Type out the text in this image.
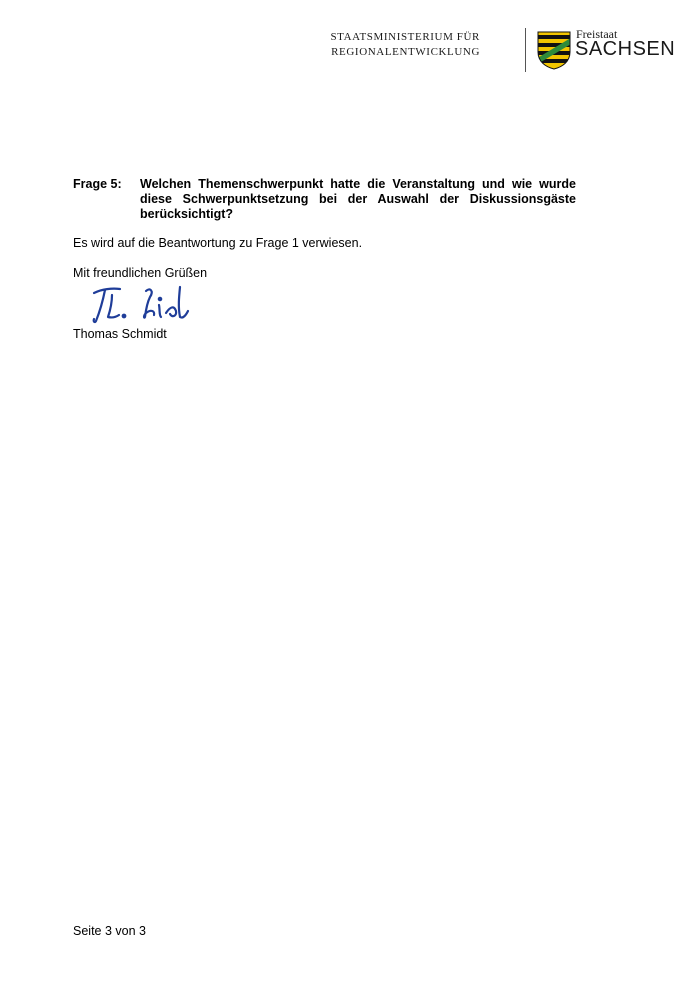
STAATSMINISTERIUM FÜR
REGIONALENTWICKLUNG
Freistaat
SACHSEN
Frage 5: Welchen Themenschwerpunkt hatte die Veranstaltung und wie wurde diese Schwerpunktsetzung bei der Auswahl der Diskussionsgäste berücksichtigt?
Es wird auf die Beantwortung zu Frage 1 verwiesen.
Mit freundlichen Grüßen
Thomas Schmidt
Seite 3 von 3
